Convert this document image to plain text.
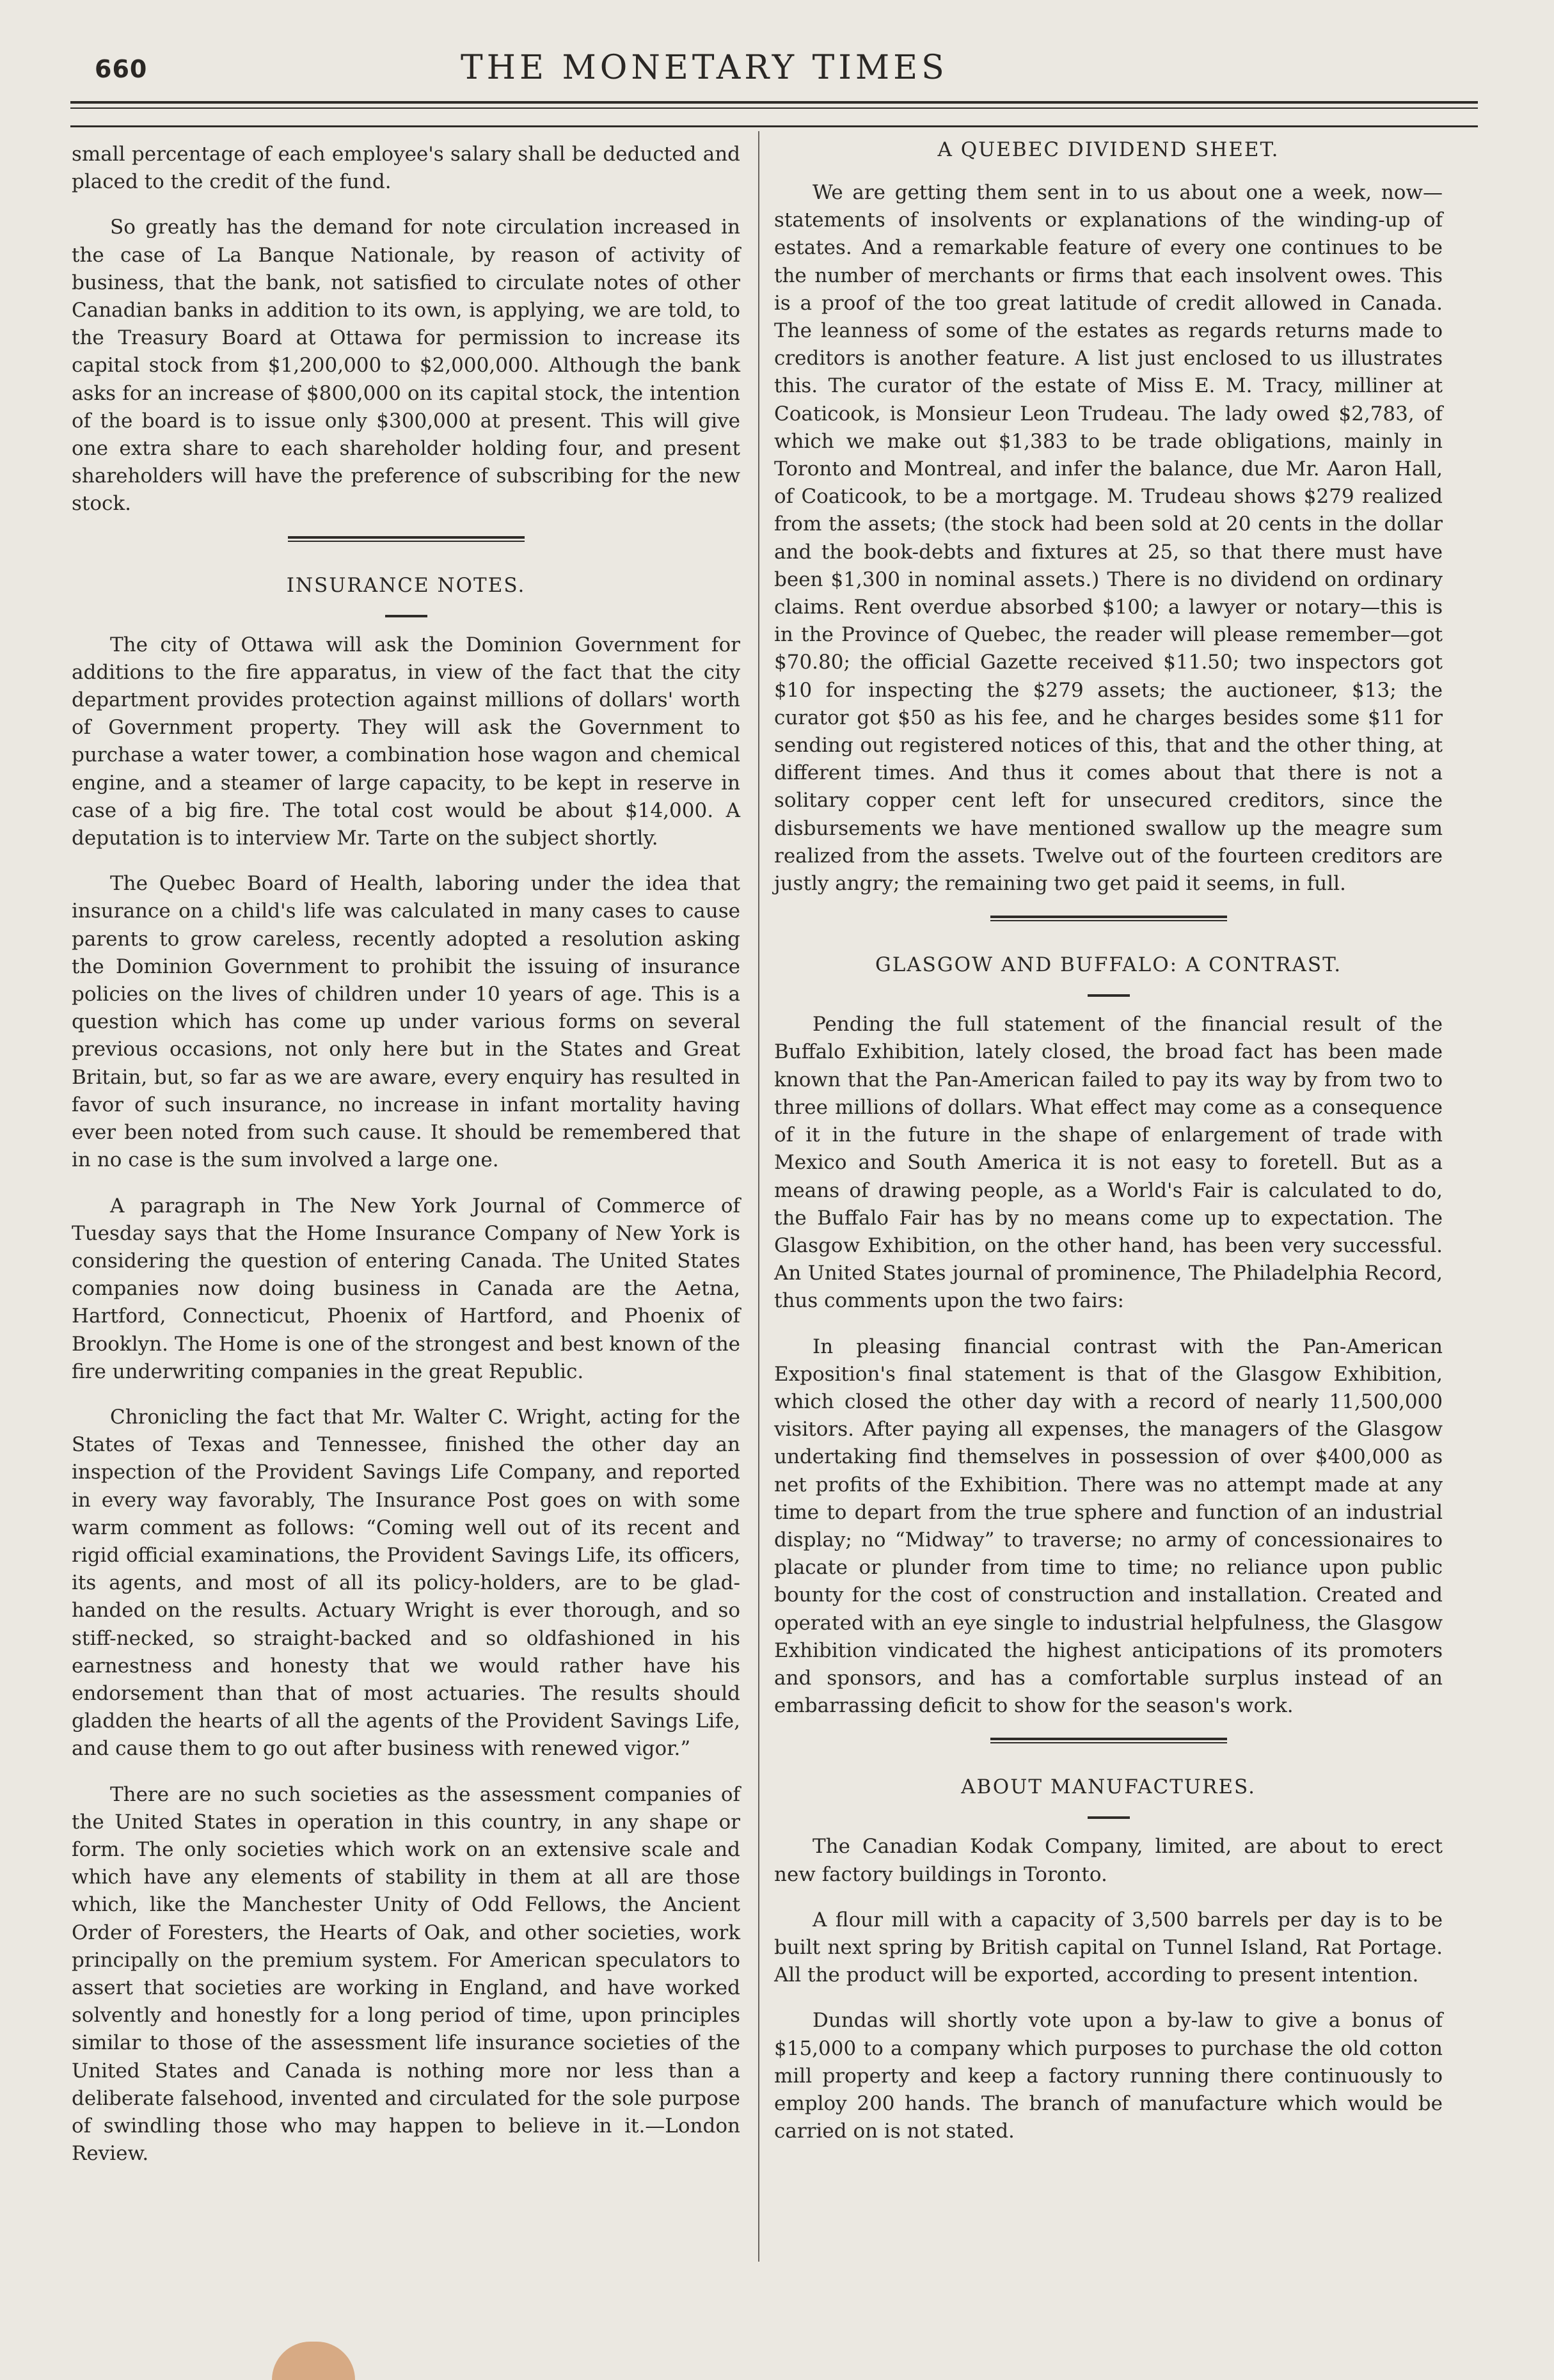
660	THE MONETARY TIMES

small percentage of each employee's salary shall be deducted and placed to the credit of the fund.

So greatly has the demand for note circulation increased in the case of La Banque Nationale, by reason of activity of business, that the bank, not satisfied to circulate notes of other Canadian banks in addition to its own, is applying, we are told, to the Treasury Board at Ottawa for permission to increase its capital stock from $1,200,000 to $2,000,000. Although the bank asks for an increase of $800,000 on its capital stock, the intention of the board is to issue only $300,000 at present. This will give one extra share to each shareholder holding four, and present shareholders will have the preference of subscribing for the new stock.

INSURANCE NOTES.

The city of Ottawa will ask the Dominion Government for additions to the fire apparatus, in view of the fact that the city department provides protection against millions of dollars' worth of Government property. They will ask the Government to purchase a water tower, a combination hose wagon and chemical engine, and a steamer of large capacity, to be kept in reserve in case of a big fire. The total cost would be about $14,000. A deputation is to interview Mr. Tarte on the subject shortly.

The Quebec Board of Health, laboring under the idea that insurance on a child's life was calculated in many cases to cause parents to grow careless, recently adopted a resolution asking the Dominion Government to prohibit the issuing of insurance policies on the lives of children under 10 years of age. This is a question which has come up under various forms on several previous occasions, not only here but in the States and Great Britain, but, so far as we are aware, every enquiry has resulted in favor of such insurance, no increase in infant mortality having ever been noted from such cause. It should be remembered that in no case is the sum involved a large one.

A paragraph in The New York Journal of Commerce of Tuesday says that the Home Insurance Company of New York is considering the question of entering Canada. The United States companies now doing business in Canada are the Aetna, Hartford, Connecticut, Phoenix of Hartford, and Phoenix of Brooklyn. The Home is one of the strongest and best known of the fire underwriting companies in the great Republic.

Chronicling the fact that Mr. Walter C. Wright, acting for the States of Texas and Tennessee, finished the other day an inspection of the Provident Savings Life Company, and reported in every way favorably, The Insurance Post goes on with some warm comment as follows: “Coming well out of its recent and rigid official examinations, the Provident Savings Life, its officers, its agents, and most of all its policy-holders, are to be glad-handed on the results. Actuary Wright is ever thorough, and so stiff-necked, so straight-backed and so oldfashioned in his earnestness and honesty that we would rather have his endorsement than that of most actuaries. The results should gladden the hearts of all the agents of the Provident Savings Life, and cause them to go out after business with renewed vigor.”

There are no such societies as the assessment companies of the United States in operation in this country, in any shape or form. The only societies which work on an extensive scale and which have any elements of stability in them at all are those which, like the Manchester Unity of Odd Fellows, the Ancient Order of Foresters, the Hearts of Oak, and other societies, work principally on the premium system. For American speculators to assert that societies are working in England, and have worked solvently and honestly for a long period of time, upon principles similar to those of the assessment life insurance societies of the United States and Canada is nothing more nor less than a deliberate falsehood, invented and circulated for the sole purpose of swindling those who may happen to believe in it.—London Review.

A QUEBEC DIVIDEND SHEET.

We are getting them sent in to us about one a week, now—statements of insolvents or explanations of the winding-up of estates. And a remarkable feature of every one continues to be the number of merchants or firms that each insolvent owes. This is a proof of the too great latitude of credit allowed in Canada. The leanness of some of the estates as regards returns made to creditors is another feature. A list just enclosed to us illustrates this. The curator of the estate of Miss E. M. Tracy, milliner at Coaticook, is Monsieur Leon Trudeau. The lady owed $2,783, of which we make out $1,383 to be trade obligations, mainly in Toronto and Montreal, and infer the balance, due Mr. Aaron Hall, of Coaticook, to be a mortgage. M. Trudeau shows $279 realized from the assets; (the stock had been sold at 20 cents in the dollar and the book-debts and fixtures at 25, so that there must have been $1,300 in nominal assets.) There is no dividend on ordinary claims. Rent overdue absorbed $100; a lawyer or notary—this is in the Province of Quebec, the reader will please remember—got $70.80; the official Gazette received $11.50; two inspectors got $10 for inspecting the $279 assets; the auctioneer, $13; the curator got $50 as his fee, and he charges besides some $11 for sending out registered notices of this, that and the other thing, at different times. And thus it comes about that there is not a solitary copper cent left for unsecured creditors, since the disbursements we have mentioned swallow up the meagre sum realized from the assets. Twelve out of the fourteen creditors are justly angry; the remaining two get paid it seems, in full.

GLASGOW AND BUFFALO: A CONTRAST.

Pending the full statement of the financial result of the Buffalo Exhibition, lately closed, the broad fact has been made known that the Pan-American failed to pay its way by from two to three millions of dollars. What effect may come as a consequence of it in the future in the shape of enlargement of trade with Mexico and South America it is not easy to foretell. But as a means of drawing people, as a World's Fair is calculated to do, the Buffalo Fair has by no means come up to expectation. The Glasgow Exhibition, on the other hand, has been very successful. An United States journal of prominence, The Philadelphia Record, thus comments upon the two fairs:

In pleasing financial contrast with the Pan-American Exposition's final statement is that of the Glasgow Exhibition, which closed the other day with a record of nearly 11,500,000 visitors. After paying all expenses, the managers of the Glasgow undertaking find themselves in possession of over $400,000 as net profits of the Exhibition. There was no attempt made at any time to depart from the true sphere and function of an industrial display; no “Midway” to traverse; no army of concessionaires to placate or plunder from time to time; no reliance upon public bounty for the cost of construction and installation. Created and operated with an eye single to industrial helpfulness, the Glasgow Exhibition vindicated the highest anticipations of its promoters and sponsors, and has a comfortable surplus instead of an embarrassing deficit to show for the season's work.

ABOUT MANUFACTURES.

The Canadian Kodak Company, limited, are about to erect new factory buildings in Toronto.

A flour mill with a capacity of 3,500 barrels per day is to be built next spring by British capital on Tunnel Island, Rat Portage. All the product will be exported, according to present intention.

Dundas will shortly vote upon a by-law to give a bonus of $15,000 to a company which purposes to purchase the old cotton mill property and keep a factory running there continuously to employ 200 hands. The branch of manufacture which would be carried on is not stated.
